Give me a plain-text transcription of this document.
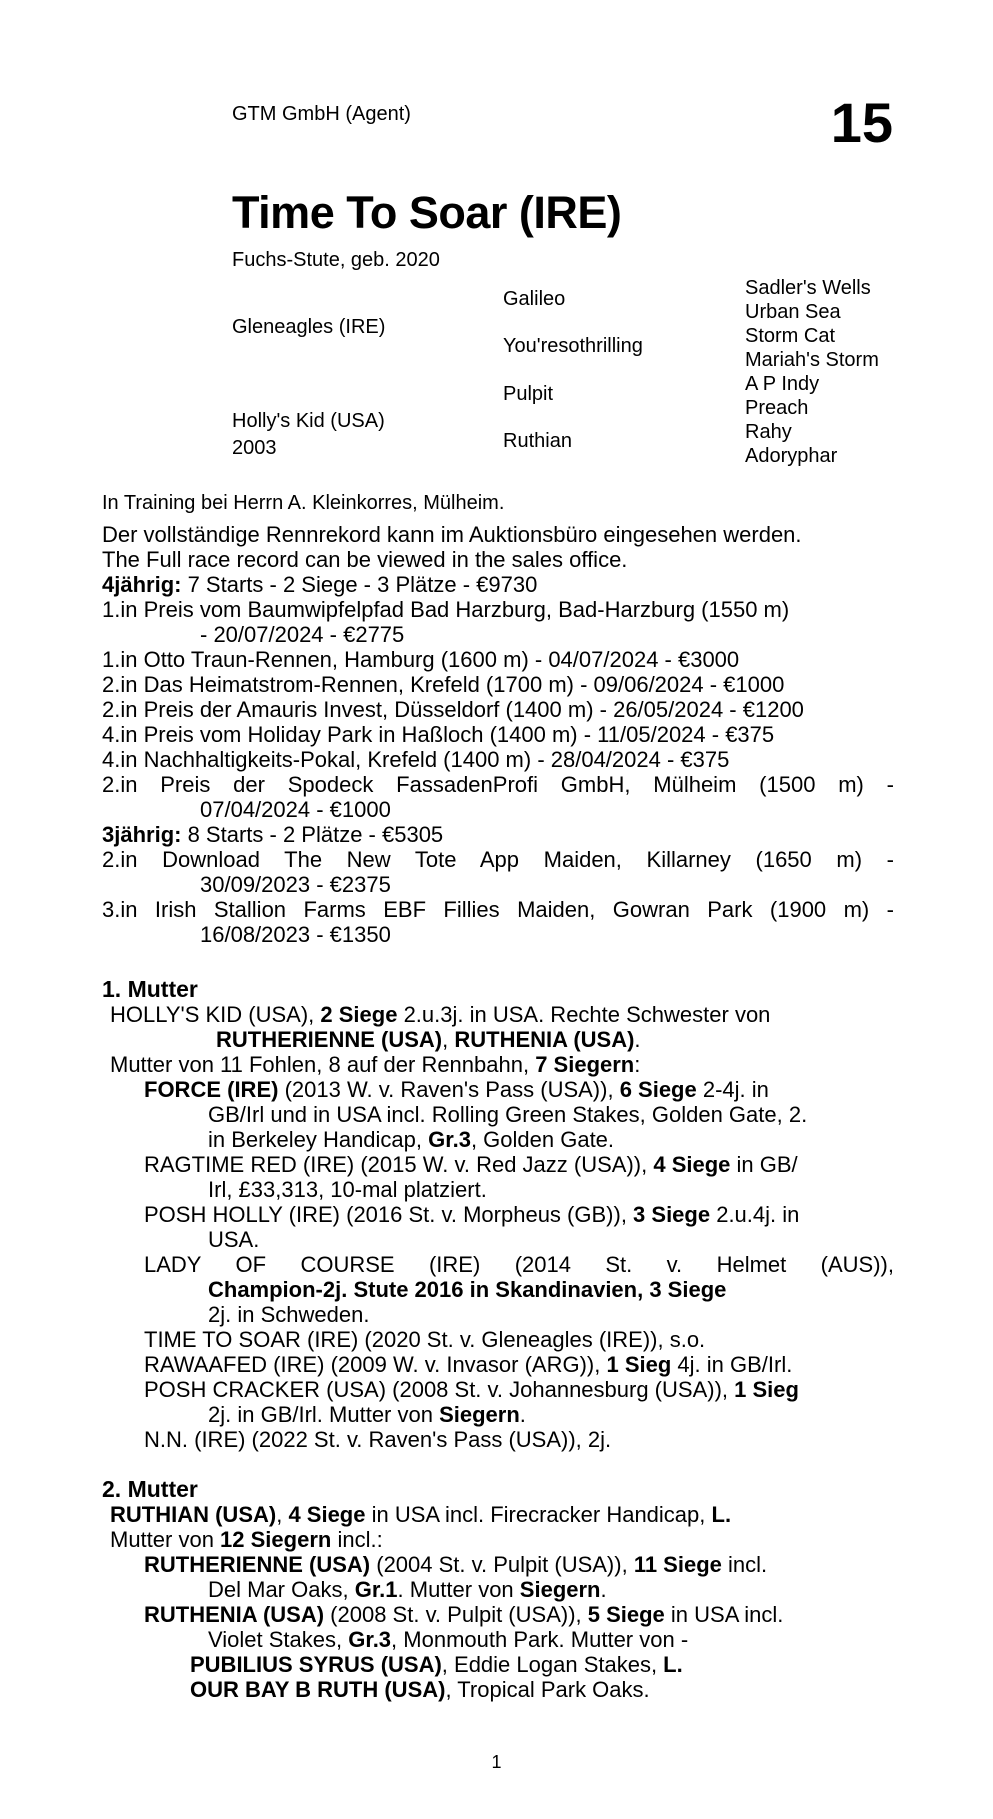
GTM GmbH (Agent)	15
Time To Soar (IRE)
Fuchs-Stute, geb. 2020
Gleneagles (IRE)
Holly's Kid (USA)
2003
Galileo
You'resothrilling
Pulpit
Ruthian
Sadler's Wells
Urban Sea
Storm Cat
Mariah's Storm
A P Indy
Preach
Rahy
Adoryphar
In Training bei Herrn A. Kleinkorres, Mülheim.
Der vollständige Rennrekord kann im Auktionsbüro eingesehen werden.
The Full race record can be viewed in the sales office.
4jährig: 7 Starts - 2 Siege - 3 Plätze - €9730
1.in Preis vom Baumwipfelpfad Bad Harzburg, Bad-Harzburg (1550 m)
- 20/07/2024 - €2775
1.in Otto Traun-Rennen, Hamburg (1600 m) - 04/07/2024 - €3000
2.in Das Heimatstrom-Rennen, Krefeld (1700 m) - 09/06/2024 - €1000
2.in Preis der Amauris Invest, Düsseldorf (1400 m) - 26/05/2024 - €1200
4.in Preis vom Holiday Park in Haßloch (1400 m) - 11/05/2024 - €375
4.in Nachhaltigkeits-Pokal, Krefeld (1400 m) - 28/04/2024 - €375
2.in Preis der Spodeck FassadenProfi GmbH, Mülheim (1500 m) -
07/04/2024 - €1000
3jährig: 8 Starts - 2 Plätze - €5305
2.in Download The New Tote App Maiden, Killarney (1650 m) -
30/09/2023 - €2375
3.in Irish Stallion Farms EBF Fillies Maiden, Gowran Park (1900 m) -
16/08/2023 - €1350
1. Mutter
HOLLY'S KID (USA), 2 Siege 2.u.3j. in USA. Rechte Schwester von
RUTHERIENNE (USA), RUTHENIA (USA).
Mutter von 11 Fohlen, 8 auf der Rennbahn, 7 Siegern:
FORCE (IRE) (2013 W. v. Raven's Pass (USA)), 6 Siege 2-4j. in
GB/Irl und in USA incl. Rolling Green Stakes, Golden Gate, 2.
in Berkeley Handicap, Gr.3, Golden Gate.
RAGTIME RED (IRE) (2015 W. v. Red Jazz (USA)), 4 Siege in GB/
Irl, £33,313, 10-mal platziert.
POSH HOLLY (IRE) (2016 St. v. Morpheus (GB)), 3 Siege 2.u.4j. in
USA.
LADY OF COURSE (IRE) (2014 St. v. Helmet (AUS)),
Champion-2j. Stute 2016 in Skandinavien, 3 Siege
2j. in Schweden.
TIME TO SOAR (IRE) (2020 St. v. Gleneagles (IRE)), s.o.
RAWAAFED (IRE) (2009 W. v. Invasor (ARG)), 1 Sieg 4j. in GB/Irl.
POSH CRACKER (USA) (2008 St. v. Johannesburg (USA)), 1 Sieg
2j. in GB/Irl. Mutter von Siegern.
N.N. (IRE) (2022 St. v. Raven's Pass (USA)), 2j.
2. Mutter
RUTHIAN (USA), 4 Siege in USA incl. Firecracker Handicap, L.
Mutter von 12 Siegern incl.:
RUTHERIENNE (USA) (2004 St. v. Pulpit (USA)), 11 Siege incl.
Del Mar Oaks, Gr.1. Mutter von Siegern.
RUTHENIA (USA) (2008 St. v. Pulpit (USA)), 5 Siege in USA incl.
Violet Stakes, Gr.3, Monmouth Park. Mutter von -
PUBILIUS SYRUS (USA), Eddie Logan Stakes, L.
OUR BAY B RUTH (USA), Tropical Park Oaks.
1
